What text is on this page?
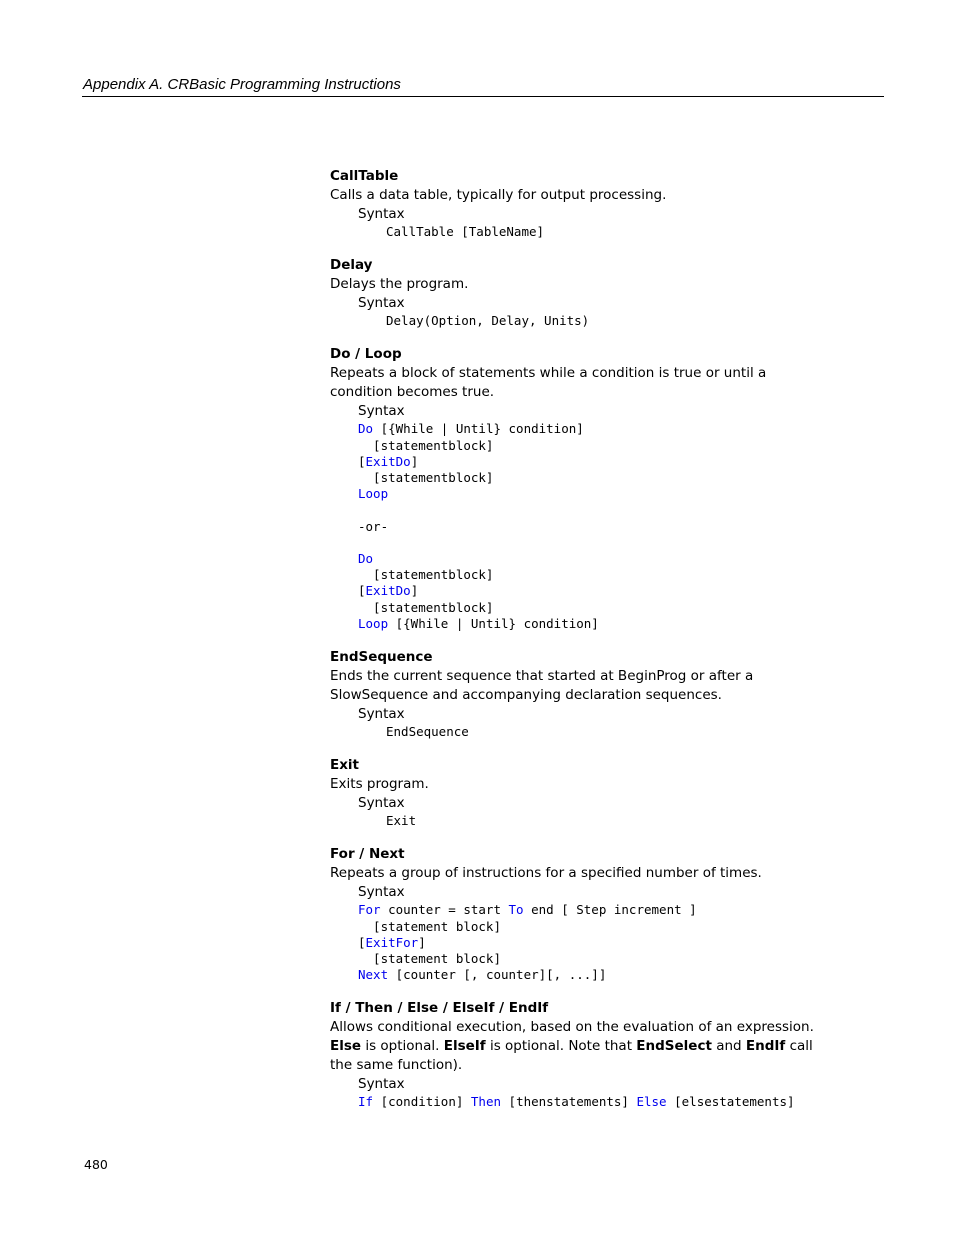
Appendix A. CRBasic Programming Instructions
CallTable
Calls a data table, typically for output processing.
Syntax
CallTable [TableName]
Delay
Delays the program.
Syntax
Delay(Option, Delay, Units)
Do / Loop
Repeats a block of statements while a condition is true or until a condition becomes true.
Syntax
Do [{While | Until} condition]
[statementblock]
[ExitDo]
[statementblock]
Loop

-or-

Do
[statementblock]
[ExitDo]
[statementblock]
Loop [{While | Until} condition]
EndSequence
Ends the current sequence that started at BeginProg or after a SlowSequence and accompanying declaration sequences.
Syntax
EndSequence
Exit
Exits program.
Syntax
Exit
For / Next
Repeats a group of instructions for a specified number of times.
Syntax
For counter = start To end [ Step increment ]
[statement block]
[ExitFor]
[statement block]
Next [counter [, counter][, ...]]
If / Then / Else / ElseIf / EndIf
Allows conditional execution, based on the evaluation of an expression. Else is optional. ElseIf is optional. Note that EndSelect and EndIf call the same function).
Syntax
If [condition] Then [thenstatements] Else [elsestatements]
480
